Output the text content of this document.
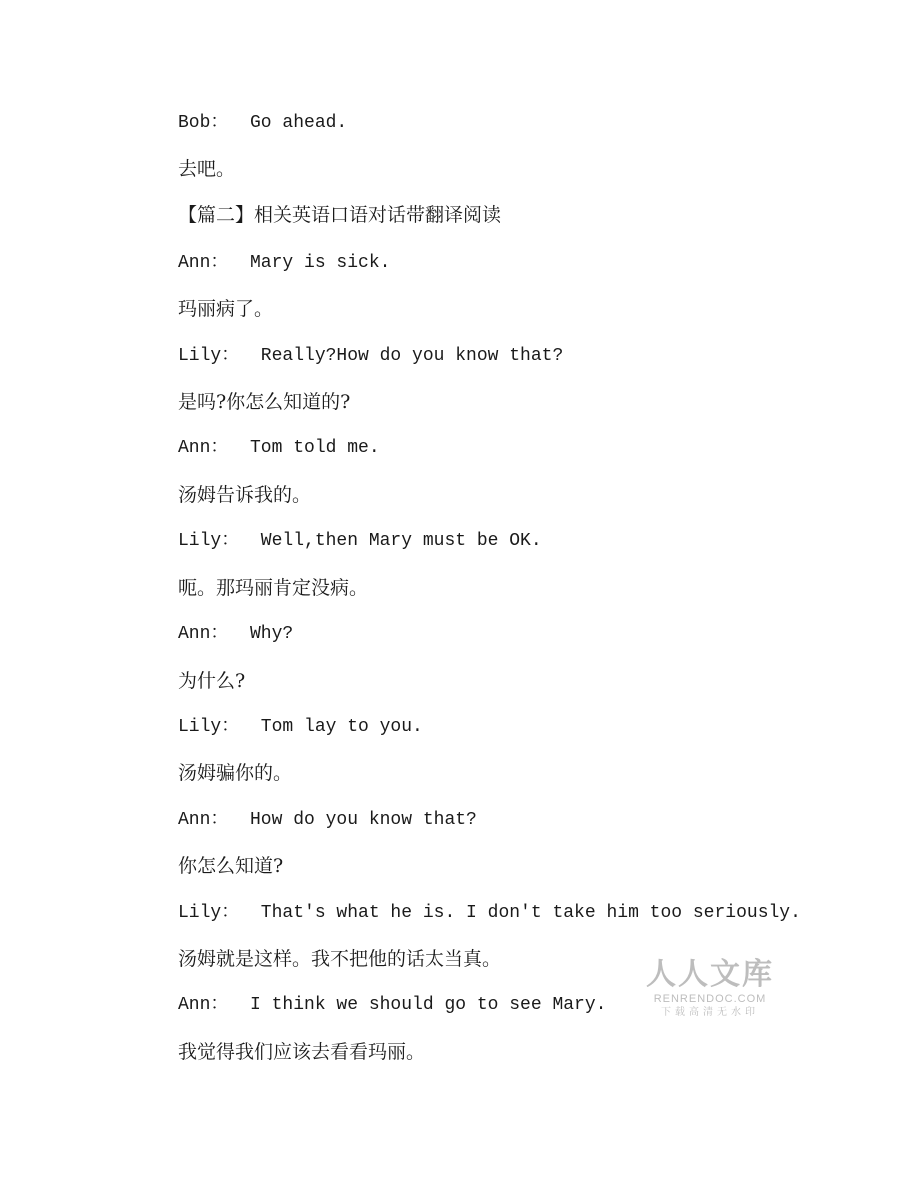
Bob：  Go ahead.
去吧。
【篇二】相关英语口语对话带翻译阅读
Ann：  Mary is sick.
玛丽病了。
Lily：  Really?How do you know that?
是吗?你怎么知道的?
Ann：  Tom told me.
汤姆告诉我的。
Lily：  Well,then Mary must be OK.
呃。那玛丽肯定没病。
Ann：  Why?
为什么?
Lily：  Tom lay to you.
汤姆骗你的。
Ann：  How do you know that?
你怎么知道?
Lily：  That's what he is. I don't take him too seriously.
汤姆就是这样。我不把他的话太当真。
Ann：  I think we should go to see Mary.
我觉得我们应该去看看玛丽。
人人文库
RENRENDOC.COM
下载高清无水印
